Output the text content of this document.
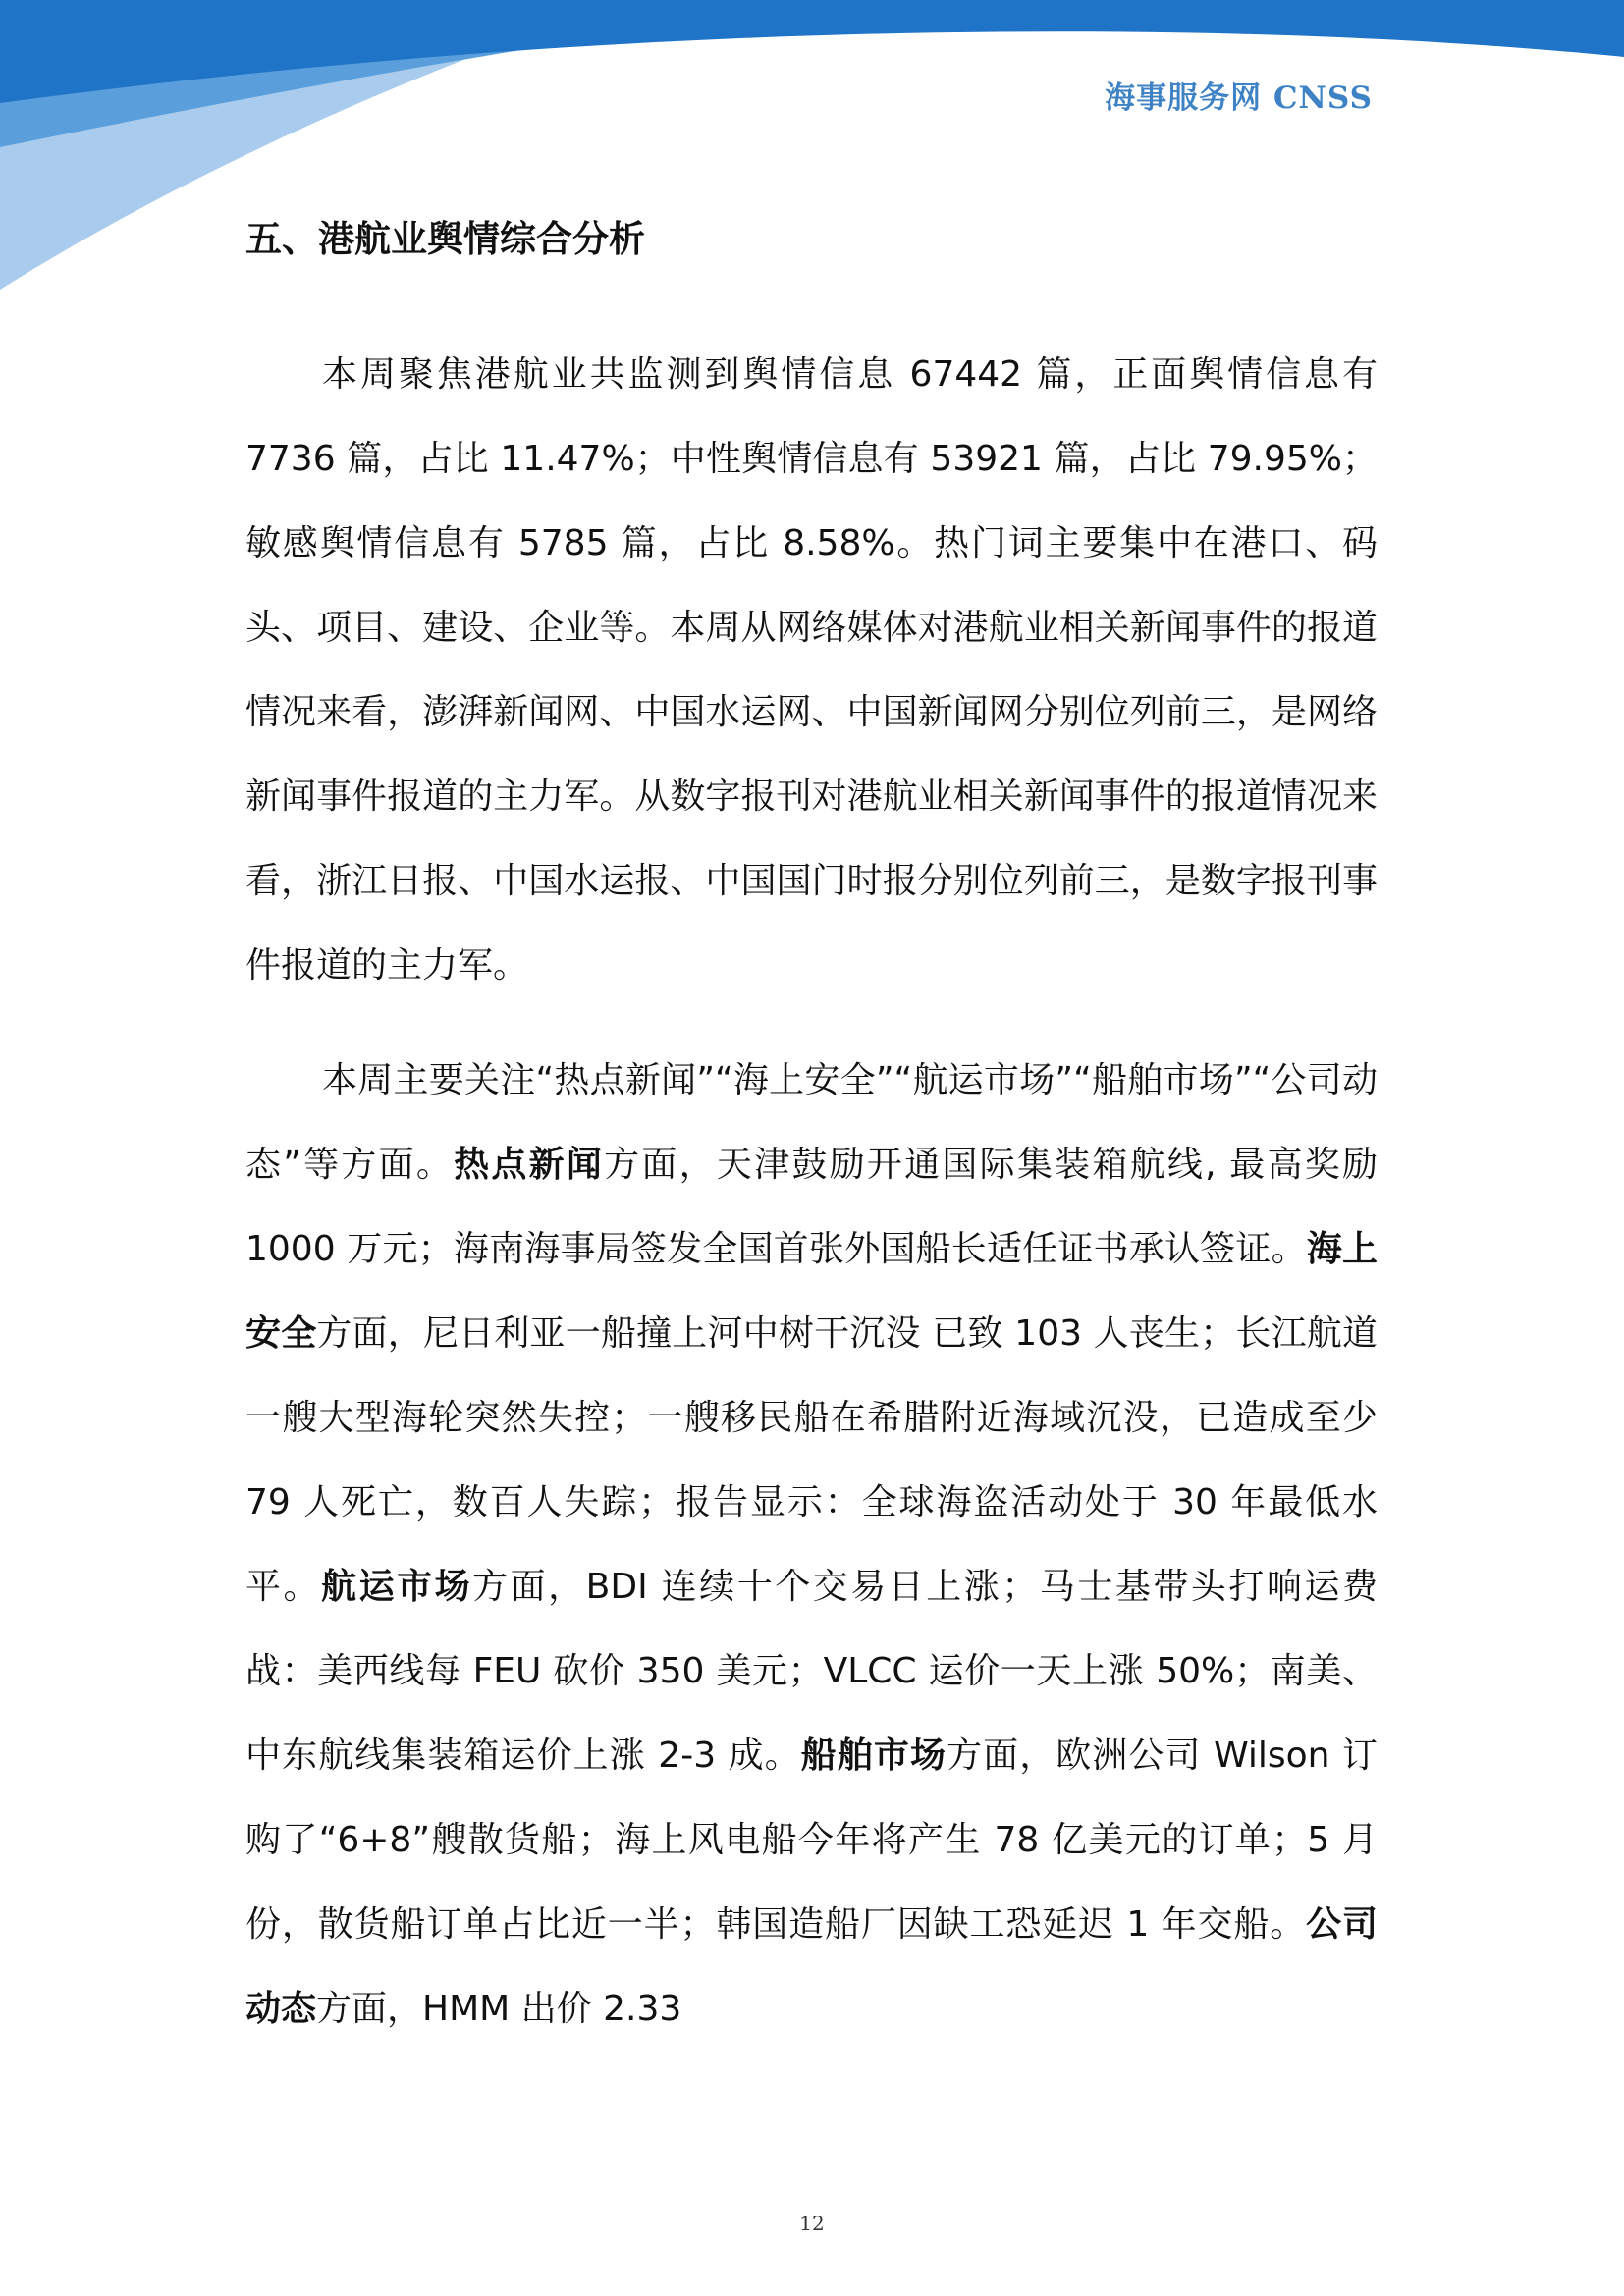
海事服务网 CNSS
五、港航业舆情综合分析

本周聚焦港航业共监测到舆情信息 67442 篇，正面舆情信息有 7736 篇，占比 11.47%；中性舆情信息有 53921 篇，占比 79.95%；敏感舆情信息有 5785 篇，占比 8.58%。热门词主要集中在港口、码头、项目、建设、企业等。本周从网络媒体对港航业相关新闻事件的报道情况来看，澎湃新闻网、中国水运网、中国新闻网分别位列前三，是网络新闻事件报道的主力军。从数字报刊对港航业相关新闻事件的报道情况来看，浙江日报、中国水运报、中国国门时报分别位列前三，是数字报刊事件报道的主力军。

本周主要关注“热点新闻”“海上安全”“航运市场”“船舶市场”“公司动态”等方面。热点新闻方面，天津鼓励开通国际集装箱航线, 最高奖励 1000 万元；海南海事局签发全国首张外国船长适任证书承认签证。海上安全方面，尼日利亚一船撞上河中树干沉没 已致 103 人丧生；长江航道 一艘大型海轮突然失控；一艘移民船在希腊附近海域沉没，已造成至少 79 人死亡，数百人失踪；报告显示：全球海盗活动处于 30 年最低水平。航运市场方面，BDI 连续十个交易日上涨；马士基带头打响运费战：美西线每 FEU 砍价 350 美元；VLCC 运价一天上涨 50%；南美、中东航线集装箱运价上涨 2-3 成。船舶市场方面，欧洲公司 Wilson 订购了“6+8”艘散货船；海上风电船今年将产生 78 亿美元的订单；5 月份，散货船订单占比近一半；韩国造船厂因缺工恐延迟 1 年交船。公司动态方面，HMM 出价 2.33

12
